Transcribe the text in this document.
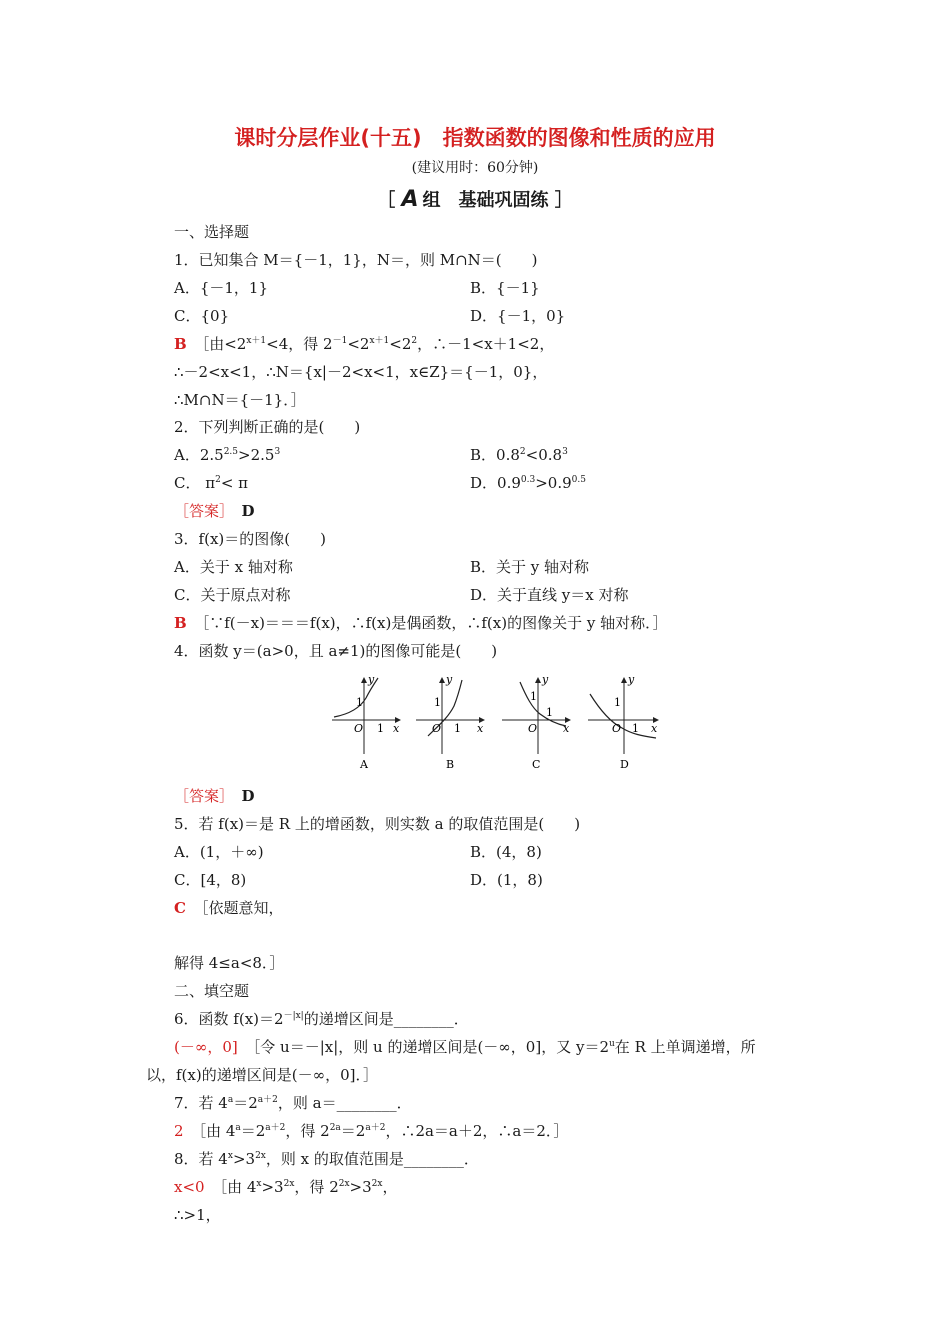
课时分层作业(十五)　指数函数的图像和性质的应用
(建议用时：60分钟)
［ A 组　基础巩固练 ］
一、选择题
1．已知集合 M＝{－1，1}，N＝，则 M∩N＝(　　)
A．{－1，1}	B．{－1}
C．{0}	D．{－1，0}
B　 ［由$<2^{x+1}<4$，得 $2^{-1}<2^{x+1}<2^2$，∴－1<x＋1<2，
∴－2<x<1，∴N＝{x|－2<x<1，x∈Z}＝{－1，0}，
∴M∩N＝{－1}．］
2．下列判断正确的是(　　)
A．$2.5^{2.5}>2.5^3$	B．$0.8^2<0.8^3$
C． $\pi^2< \pi$	D．$0.9^{0.3}>0.9^{0.5}$
［答案］　 D
3．f(x)＝的图像(　　)
A．关于 x 轴对称	B．关于 y 轴对称
C．关于原点对称	D．关于直线 y＝x 对称
B　 ［∵f(－x)＝＝＝f(x)，∴f(x)是偶函数，∴f(x)的图像关于 y 轴对称．］
4．函数 y＝(a>0，且 a≠1)的图像可能是(　　)
y
x
O
1
1
A
y
x
O
1
1
B
y
x
O
1
1
C
y
x
O
1
1
D
［答案］　 D
5．若 f(x)＝是 R 上的增函数，则实数 a 的取值范围是(　　)
A．(1，＋∞)	B．(4，8)
C．[4，8)	D．(1，8)
C　 ［依题意知，
解得 4≤a<8．］
二、填空题
6．函数 $f(x)=2^{-|x|}$的递增区间是________．
(－∞，0]　 ［令 u＝－|x|，则 u 的递增区间是(－∞，0]，又 $y=2^u$在 R 上单调递增，所
以，f(x)的递增区间是(－∞，0]．］
7．若 $4^a=2^{a+2}$，则 a＝________．
2　 ［由 $4^a=2^{a+2}$，得 $2^{2a}=2^{a+2}$，∴2a＝a＋2，∴a＝2．］
8．若 $4^x>3^{2x}$，则 x 的取值范围是________．
x<0　 ［由 $4^x>3^{2x}$，得 $2^{2x}>3^{2x}$，
∴>1，
